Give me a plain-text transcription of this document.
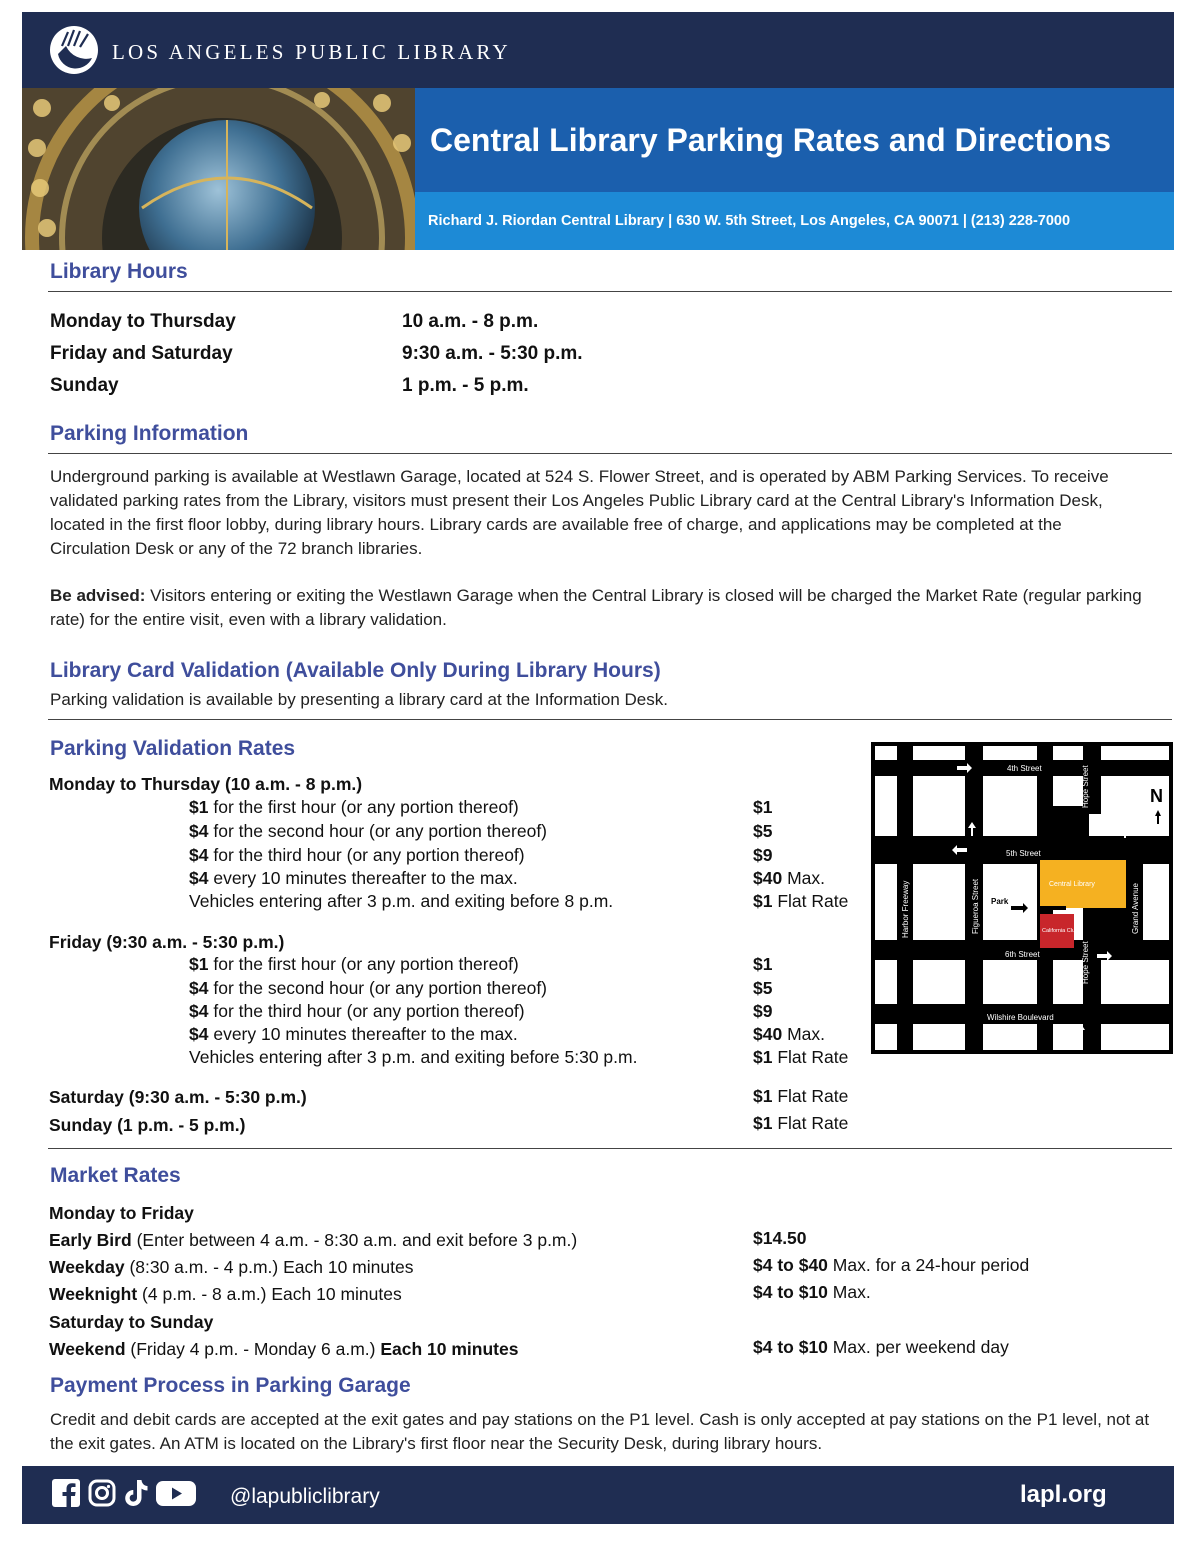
LOS ANGELES PUBLIC LIBRARY
Central Library Parking Rates and Directions
Richard J. Riordan Central Library | 630 W. 5th Street, Los Angeles, CA 90071 | (213) 228-7000
Library Hours
Monday to Thursday	10 a.m. - 8 p.m.
Friday and Saturday	9:30 a.m. - 5:30 p.m.
Sunday	1 p.m. - 5 p.m.
Parking Information
Underground parking is available at Westlawn Garage, located at 524 S. Flower Street, and is operated by ABM Parking Services. To receive validated parking rates from the Library, visitors must present their Los Angeles Public Library card at the Central Library's Information Desk, located in the first floor lobby, during library hours. Library cards are available free of charge, and applications may be completed at the Circulation Desk or any of the 72 branch libraries.
Be advised: Visitors entering or exiting the Westlawn Garage when the Central Library is closed will be charged the Market Rate (regular parking rate) for the entire visit, even with a library validation.
Library Card Validation (Available Only During Library Hours)
Parking validation is available by presenting a library card at the Information Desk.
Parking Validation Rates
Monday to Thursday (10 a.m. - 8 p.m.)
$1 for the first hour (or any portion thereof)	$1
$4 for the second hour (or any portion thereof)	$5
$4 for the third hour (or any portion thereof)	$9
$4 every 10 minutes thereafter to the max.	$40 Max.
Vehicles entering after 3 p.m. and exiting before 8 p.m.	$1 Flat Rate
Friday (9:30 a.m. - 5:30 p.m.)
$1 for the first hour (or any portion thereof)	$1
$4 for the second hour (or any portion thereof)	$5
$4 for the third hour (or any portion thereof)	$9
$4 every 10 minutes thereafter to the max.	$40 Max.
Vehicles entering after 3 p.m. and exiting before 5:30 p.m.	$1 Flat Rate
Saturday (9:30 a.m. - 5:30 p.m.)	$1 Flat Rate
Sunday (1 p.m. - 5 p.m.)	$1 Flat Rate
4th Street
5th Street
6th Street
Wilshire Boulevard
Hope Street
Hope Street
Harbor Freeway	Figueroa Street	Flower Street	Grand Avenue
Central Library
Park
California Club
N
Market Rates
Monday to Friday
Early Bird (Enter between 4 a.m. - 8:30 a.m. and exit before 3 p.m.)	$14.50
Weekday (8:30 a.m. - 4 p.m.) Each 10 minutes	$4 to $40 Max. for a 24-hour period
Weeknight (4 p.m. - 8 a.m.) Each 10 minutes	$4 to $10 Max.
Saturday to Sunday
Weekend (Friday 4 p.m. - Monday 6 a.m.) Each 10 minutes	$4 to $10 Max. per weekend day
Payment Process in Parking Garage
Credit and debit cards are accepted at the exit gates and pay stations on the P1 level. Cash is only accepted at pay stations on the P1 level, not at the exit gates. An ATM is located on the Library's first floor near the Security Desk, during library hours.
@lapubliclibrary	lapl.org
